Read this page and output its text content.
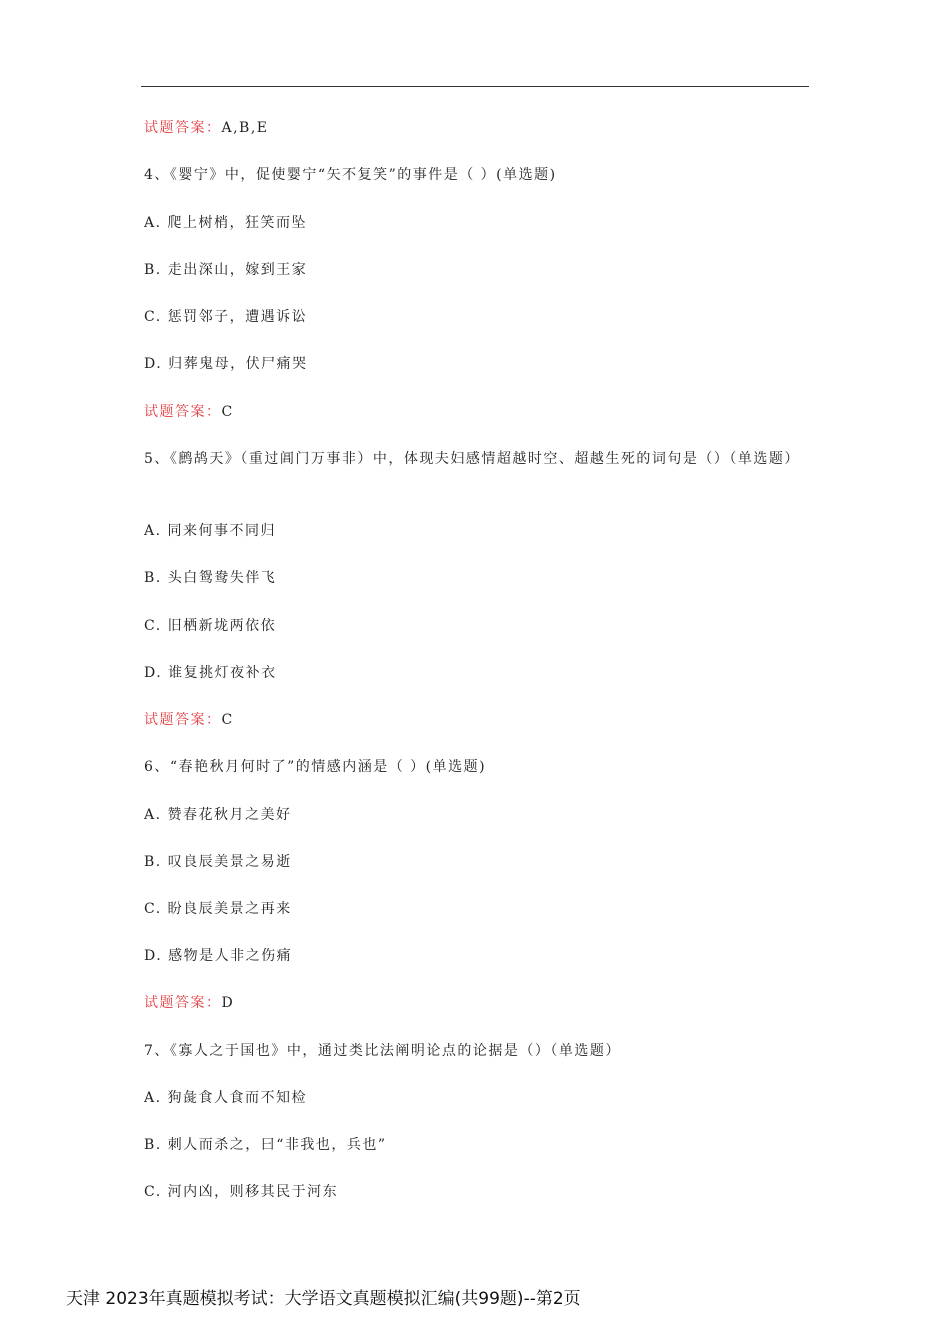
试题答案：A,B,E
4、《婴宁》中，促使婴宁“矢不复笑”的事件是（ ）(单选题)
A. 爬上树梢，狂笑而坠
B. 走出深山，嫁到王家
C. 惩罚邻子，遭遇诉讼
D. 归葬鬼母，伏尸痛哭
试题答案：C
5、《鹧鸪天》（重过阊门万事非）中，体现夫妇感情超越时空、超越生死的词句是（）（单选题）
A. 同来何事不同归
B. 头白鸳鸯失伴飞
C. 旧栖新垅两依依
D. 谁复挑灯夜补衣
试题答案：C
6、“春艳秋月何时了”的情感内涵是（ ）(单选题)
A. 赞春花秋月之美好
B. 叹良辰美景之易逝
C. 盼良辰美景之再来
D. 感物是人非之伤痛
试题答案：D
7、《寡人之于国也》中，通过类比法阐明论点的论据是（）（单选题）
A. 狗彘食人食而不知检
B. 刺人而杀之，曰“非我也，兵也”
C. 河内凶，则移其民于河东
天津 2023年真题模拟考试：大学语文真题模拟汇编(共99题)--第2页
